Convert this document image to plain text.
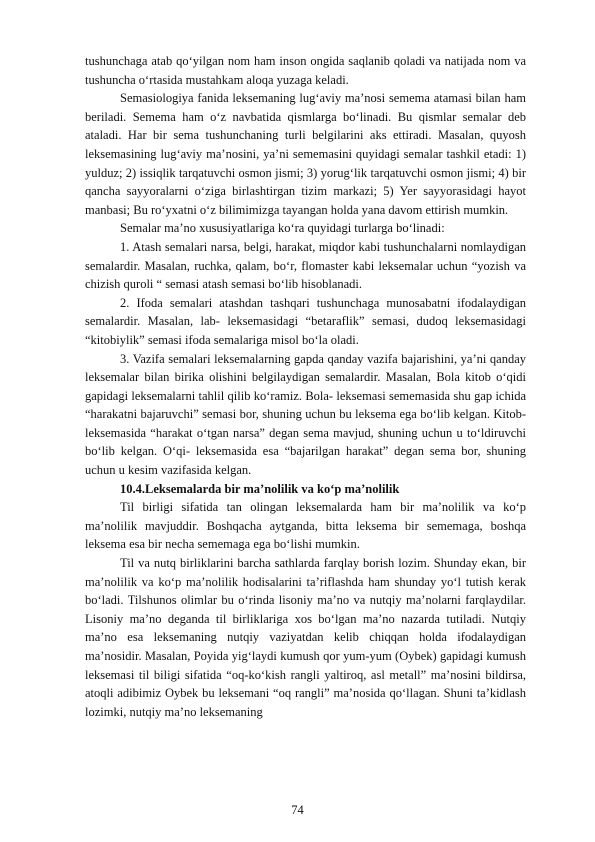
tushunchaga atab qo‘yilgan nom ham inson ongida saqlanib qoladi va natijada nom va tushuncha o‘rtasida mustahkam aloqa yuzaga keladi.

Semasiologiya fanida leksemaning lug‘aviy ma’nosi semema atamasi bilan ham beriladi. Semema ham o‘z navbatida qismlarga bo‘linadi. Bu qismlar semalar deb ataladi. Har bir sema tushunchaning turli belgilarini aks ettiradi. Masalan, quyosh leksemasining lug‘aviy ma’nosini, ya’ni sememasini quyidagi semalar tashkil etadi: 1) yulduz; 2) issiqlik tarqatuvchi osmon jismi; 3) yorug‘lik tarqatuvchi osmon jismi; 4) bir qancha sayyoralarni o‘ziga birlashtirgan tizim markazi; 5) Yer sayyorasidagi hayot manbasi; Bu ro‘yxatni o‘z bilimimizga tayangan holda yana davom ettirish mumkin.

Semalar ma’no xususiyatlariga ko‘ra quyidagi turlarga bo‘linadi:

1. Atash semalari narsa, belgi, harakat, miqdor kabi tushunchalarni nomlaydigan semalardir. Masalan, ruchka, qalam, bo‘r, flomaster kabi leksemalar uchun “yozish va chizish quroli “ semasi atash semasi bo‘lib hisoblanadi.

2. Ifoda semalari atashdan tashqari tushunchaga munosabatni ifodalaydigan semalardir. Masalan, lab- leksemasidagi “betaraflik” semasi, dudoq leksemasidagi “kitobiylik” semasi ifoda semalariga misol bo‘la oladi.

3. Vazifa semalari leksemalarning gapda qanday vazifa bajarishini, ya’ni qanday leksemalar bilan birika olishini belgilaydigan semalardir. Masalan, Bola kitob o‘qidi gapidagi leksemalarni tahlil qilib ko‘ramiz. Bola- leksemasi sememasida shu gap ichida “harakatni bajaruvchi” semasi bor, shuning uchun bu leksema ega bo‘lib kelgan. Kitob- leksemasida “harakat o‘tgan narsa” degan sema mavjud, shuning uchun u to‘ldiruvchi bo‘lib kelgan. O‘qi- leksemasida esa “bajarilgan harakat” degan sema bor, shuning uchun u kesim vazifasida kelgan.

10.4.Leksemalarda bir ma’nolilik va ko‘p ma’nolilik

Til birligi sifatida tan olingan leksemalarda ham bir ma’nolilik va ko‘p ma’nolilik mavjuddir. Boshqacha aytganda, bitta leksema bir sememaga, boshqa leksema esa bir necha sememaga ega bo‘lishi mumkin.

Til va nutq birliklarini barcha sathlarda farqlay borish lozim. Shunday ekan, bir ma’nolilik va ko‘p ma’nolilik hodisalarini ta’riflashda ham shunday yo‘l tutish kerak bo‘ladi. Tilshunos olimlar bu o‘rinda lisoniy ma’no va nutqiy ma’nolarni farqlaydilar. Lisoniy ma’no deganda til birliklariga xos bo‘lgan ma’no nazarda tutiladi. Nutqiy ma’no esa leksemaning nutqiy vaziyatdan kelib chiqqan holda ifodalaydigan ma’nosidir. Masalan, Poyida yig‘laydi kumush qor yum-yum (Oybek) gapidagi kumush leksemasi til biligi sifatida “oq-ko‘kish rangli yaltiroq, asl metall” ma’nosini bildirsa, atoqli adibimiz Oybek bu leksemani “oq rangli” ma’nosida qo‘llagan. Shuni ta’kidlash lozimki, nutqiy ma’no leksemaning

74
